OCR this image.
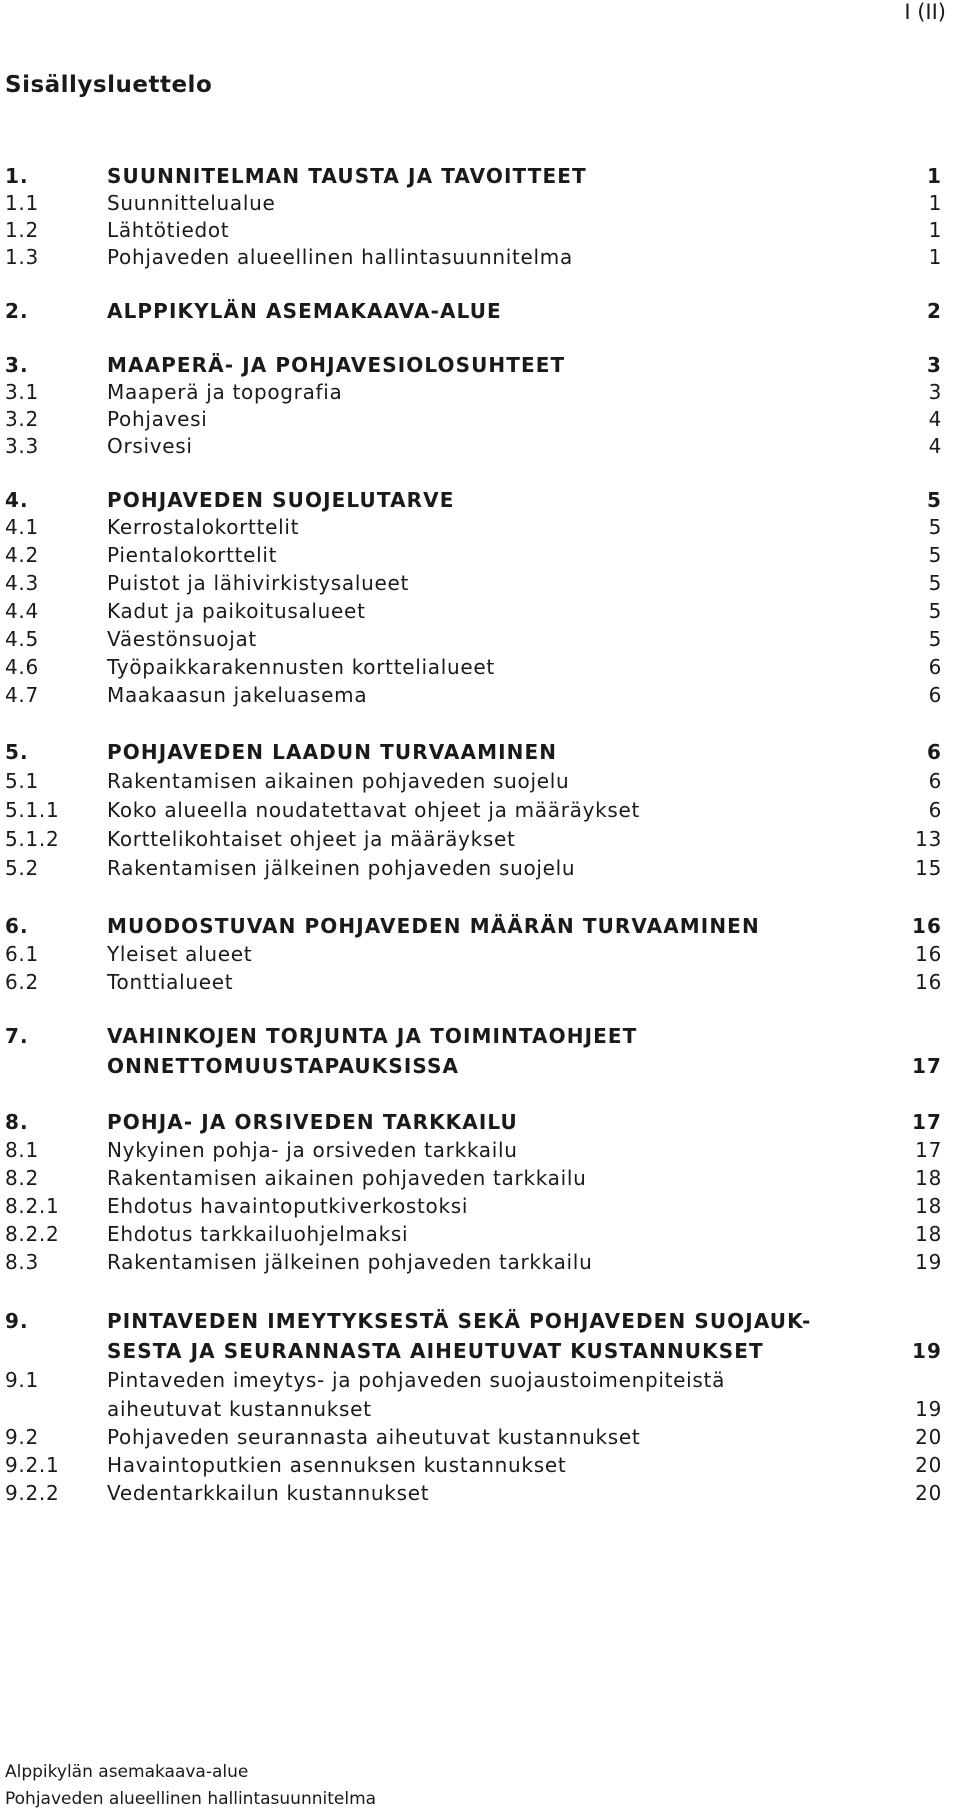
I (II)
Sisällysluettelo
1.	SUUNNITELMAN TAUSTA JA TAVOITTEET	1
1.1	Suunnittelualue	1
1.2	Lähtötiedot	1
1.3	Pohjaveden alueellinen hallintasuunnitelma	1
2.	ALPPIKYLÄN ASEMAKAAVA-ALUE	2
3.	MAAPERÄ- JA POHJAVESIOLOSUHTEET	3
3.1	Maaperä ja topografia	3
3.2	Pohjavesi	4
3.3	Orsivesi	4
4.	POHJAVEDEN SUOJELUTARVE	5
4.1	Kerrostalokorttelit	5
4.2	Pientalokorttelit	5
4.3	Puistot ja lähivirkistysalueet	5
4.4	Kadut ja paikoitusalueet	5
4.5	Väestönsuojat	5
4.6	Työpaikkarakennusten korttelialueet	6
4.7	Maakaasun jakeluasema	6
5.	POHJAVEDEN LAADUN TURVAAMINEN	6
5.1	Rakentamisen aikainen pohjaveden suojelu	6
5.1.1 Koko alueella noudatettavat ohjeet ja määräykset	6
5.1.2 Korttelikohtaiset ohjeet ja määräykset	13
5.2	Rakentamisen jälkeinen pohjaveden suojelu	15
6.	MUODOSTUVAN POHJAVEDEN MÄÄRÄN TURVAAMINEN	16
6.1	Yleiset alueet	16
6.2	Tonttialueet	16
7.	VAHINKOJEN TORJUNTA JA TOIMINTAOHJEET
ONNETTOMUUSTAPAUKSISSA	17
8.	POHJA- JA ORSIVEDEN TARKKAILU	17
8.1	Nykyinen pohja- ja orsiveden tarkkailu	17
8.2	Rakentamisen aikainen pohjaveden tarkkailu	18
8.2.1 Ehdotus havaintoputkiverkostoksi	18
8.2.2 Ehdotus tarkkailuohjelmaksi	18
8.3	Rakentamisen jälkeinen pohjaveden tarkkailu	19
9.	PINTAVEDEN IMEYTYKSESTÄ SEKÄ POHJAVEDEN SUOJAUK-
SESTA JA SEURANNASTA AIHEUTUVAT KUSTANNUKSET	19
9.1	Pintaveden imeytys- ja pohjaveden suojaustoimenpiteistä
aiheutuvat kustannukset	19
9.2	Pohjaveden seurannasta aiheutuvat kustannukset	20
9.2.1 Havaintoputkien asennuksen kustannukset	20
9.2.2 Vedentarkkailun kustannukset	20
Alppikylän asemakaava-alue
Pohjaveden alueellinen hallintasuunnitelma
